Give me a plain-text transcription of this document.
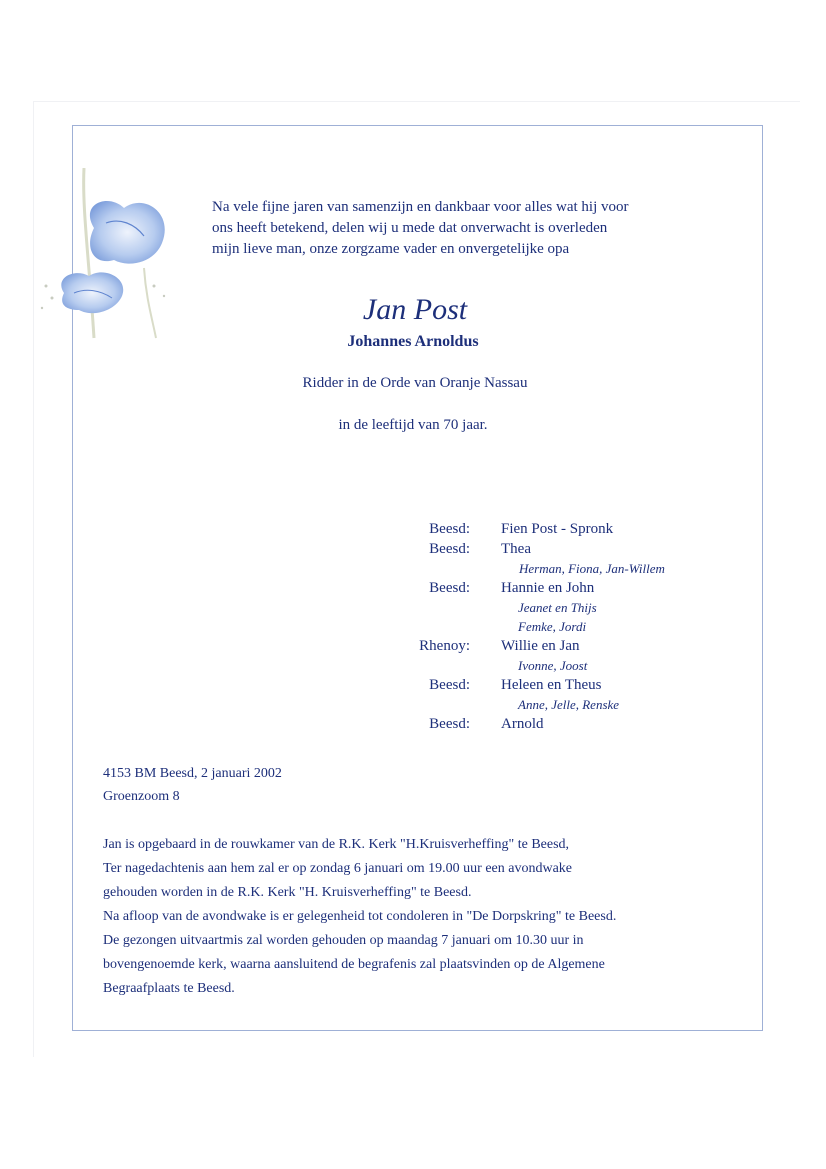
Na vele fijne jaren van samenzijn en dankbaar voor alles wat hij voor
ons heeft betekend, delen wij u mede dat onverwacht is overleden
mijn lieve man, onze zorgzame vader en onvergetelijke opa
Jan Post
Johannes Arnoldus
Ridder in de Orde van Oranje Nassau
in de leeftijd van 70 jaar.
Beesd:	Fien Post - Spronk
Beesd:	Thea
Herman, Fiona, Jan-Willem
Beesd:	Hannie en John
Jeanet en Thijs
Femke, Jordi
Rhenoy:	Willie en Jan
Ivonne, Joost
Beesd:	Heleen en Theus
Anne, Jelle, Renske
Beesd:	Arnold
4153 BM Beesd, 2 januari 2002
Groenzoom 8
Jan is opgebaard in de rouwkamer van de R.K. Kerk "H.Kruisverheffing" te Beesd,
Ter nagedachtenis aan hem zal er op zondag 6 januari om 19.00 uur een avondwake
gehouden worden in de R.K. Kerk "H. Kruisverheffing" te Beesd.
Na afloop van de avondwake is er gelegenheid tot condoleren in "De Dorpskring" te Beesd.
De gezongen uitvaartmis zal worden gehouden op maandag 7 januari om 10.30 uur in
bovengenoemde kerk, waarna aansluitend de begrafenis zal plaatsvinden op de Algemene
Begraafplaats te Beesd.
